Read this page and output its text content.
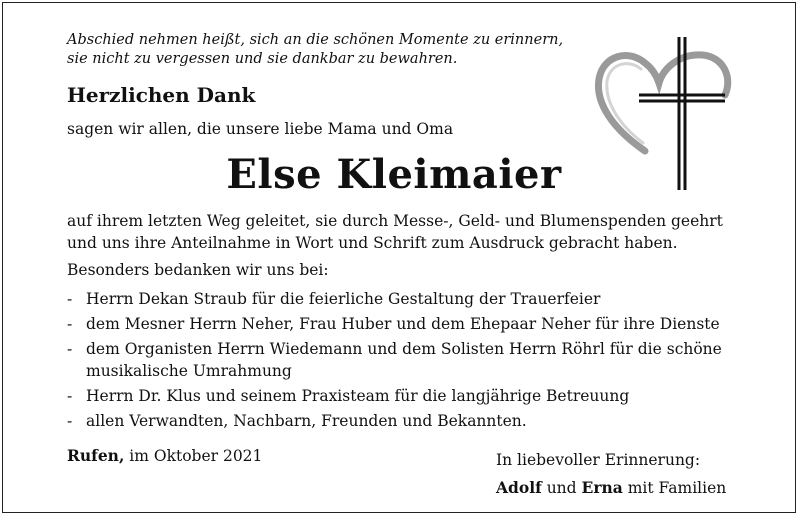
Abschied nehmen heißt, sich an die schönen Momente zu erinnern,
sie nicht zu vergessen und sie dankbar zu bewahren.
Herzlichen Dank
sagen wir allen, die unsere liebe Mama und Oma
Else Kleimaier
auf ihrem letzten Weg geleitet, sie durch Messe-, Geld- und Blumenspenden geehrt
und uns ihre Anteilnahme in Wort und Schrift zum Ausdruck gebracht haben.
Besonders bedanken wir uns bei:
- Herrn Dekan Straub für die feierliche Gestaltung der Trauerfeier
- dem Mesner Herrn Neher, Frau Huber und dem Ehepaar Neher für ihre Dienste
- dem Organisten Herrn Wiedemann und dem Solisten Herrn Röhrl für die schöne
musikalische Umrahmung
- Herrn Dr. Klus und seinem Praxisteam für die langjährige Betreuung
- allen Verwandten, Nachbarn, Freunden und Bekannten.
Rufen, im Oktober 2021	In liebevoller Erinnerung:
Adolf und Erna mit Familien
